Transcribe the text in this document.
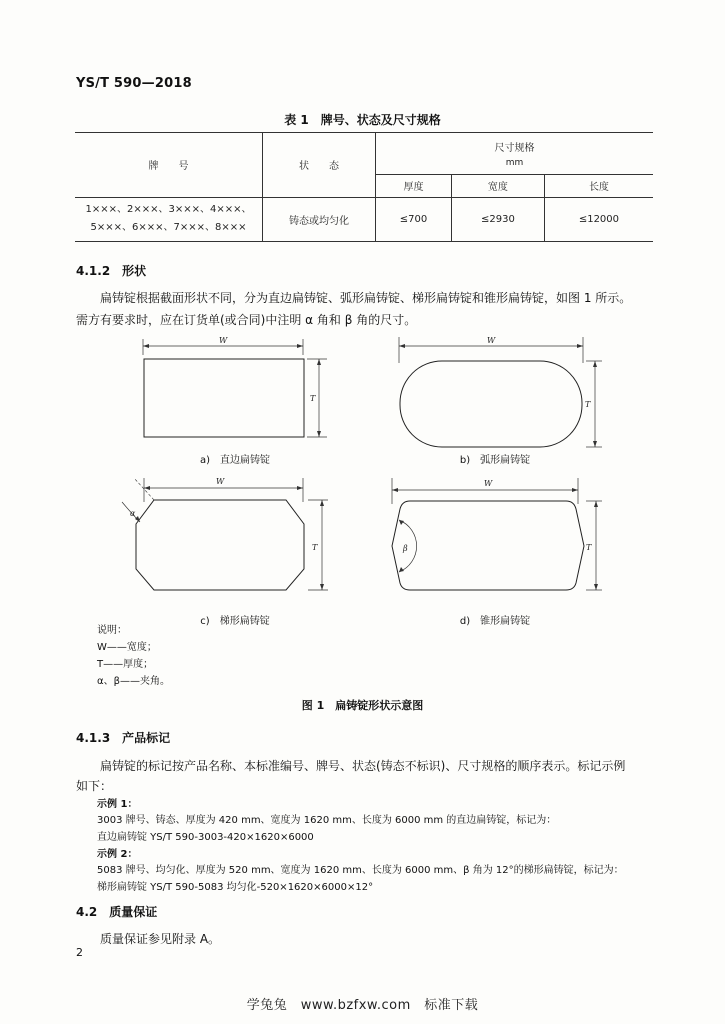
YS/T 590—2018
表 1　牌号、状态及尺寸规格
牌　　号	状　　态	尺寸规格
mm		

		厚度	宽度	长度

1×××、2×××、3×××、4×××、
5×××、6×××、7×××、8×××	铸态或均匀化	≤700	≤2930	≤12000
4.1.2　形状
扁铸锭根据截面形状不同，分为直边扁铸锭、弧形扁铸锭、梯形扁铸锭和锥形扁铸锭，如图 1 所示。
需方有要求时，应在订货单(或合同)中注明 α 角和 β 角的尺寸。
W
T
a)　直边扁铸锭
W
T
b)　弧形扁铸锭
W
α
T
c)　梯形扁铸锭
W
β	T
d)　锥形扁铸锭
说明：
W——宽度；
T——厚度；
α、β——夹角。
图 1　扁铸锭形状示意图
4.1.3　产品标记
扁铸锭的标记按产品名称、本标准编号、牌号、状态(铸态不标识)、尺寸规格的顺序表示。标记示例
如下：
示例 1：
3003 牌号、铸态、厚度为 420 mm、宽度为 1620 mm、长度为 6000 mm 的直边扁铸锭，标记为：
直边扁铸锭 YS/T 590-3003-420×1620×6000
示例 2：
5083 牌号、均匀化、厚度为 520 mm、宽度为 1620 mm、长度为 6000 mm、β 角为 12°的梯形扁铸锭，标记为：
梯形扁铸锭 YS/T 590-5083 均匀化-520×1620×6000×12°
4.2　质量保证
质量保证参见附录 A。
2
学兔兔　www.bzfxw.com　标准下载
